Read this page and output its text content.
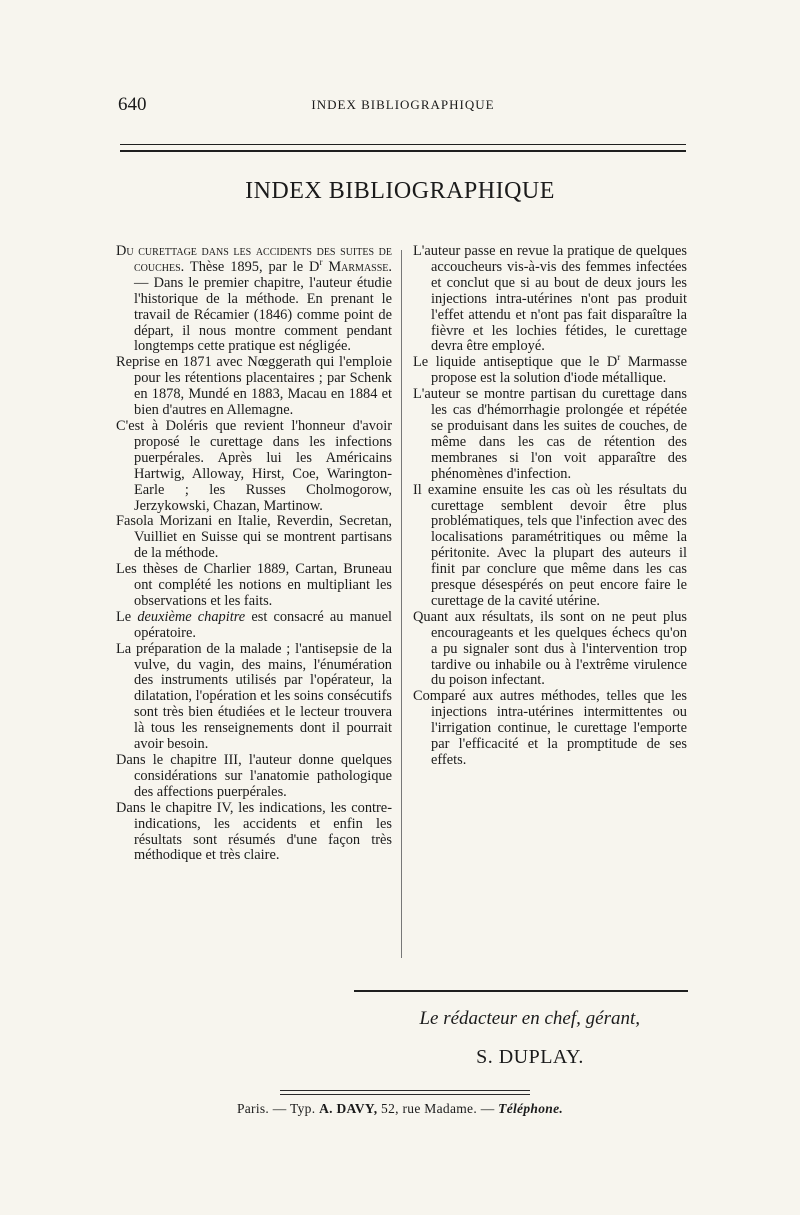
640	INDEX BIBLIOGRAPHIQUE
INDEX BIBLIOGRAPHIQUE

Du curettage dans les accidents des suites de couches. Thèse 1895, par le $D^r$ Marmasse. — Dans le premier chapitre, l'auteur étudie l'historique de la méthode. En prenant le travail de Récamier (1846) comme point de départ, il nous montre comment pendant longtemps cette pratique est négligée.

Reprise en 1871 avec Nœggerath qui l'emploie pour les rétentions placentaires ; par Schenk en 1878, Mundé en 1883, Macau en 1884 et bien d'autres en Allemagne.

C'est à Doléris que revient l'honneur d'avoir proposé le curettage dans les infections puerpérales. Après lui les Américains Hartwig, Alloway, Hirst, Coe, Warington-Earle ; les Russes Cholmogorow, Jerzykowski, Chazan, Martinow.

Fasola Morizani en Italie, Reverdin, Secretan, Vuilliet en Suisse qui se montrent partisans de la méthode.

Les thèses de Charlier 1889, Cartan, Bruneau ont complété les notions en multipliant les observations et les faits.

Le deuxième chapitre est consacré au manuel opératoire.

La préparation de la malade ; l'antisepsie de la vulve, du vagin, des mains, l'énumération des instruments utilisés par l'opérateur, la dilatation, l'opération et les soins consécutifs sont très bien étudiées et le lecteur trouvera là tous les renseignements dont il pourrait avoir besoin.

Dans le chapitre III, l'auteur donne quelques considérations sur l'anatomie pathologique des affections puerpérales.

Dans le chapitre IV, les indications, les contre-indications, les accidents et enfin les résultats sont résumés d'une façon très méthodique et très claire.

L'auteur passe en revue la pratique de quelques accoucheurs vis-à-vis des femmes infectées et conclut que si au bout de deux jours les injections intra-utérines n'ont pas produit l'effet attendu et n'ont pas fait disparaître la fièvre et les lochies fétides, le curettage devra être employé.

Le liquide antiseptique que le $D^r$ Marmasse propose est la solution d'iode métallique.

L'auteur se montre partisan du curettage dans les cas d'hémorrhagie prolongée et répétée se produisant dans les suites de couches, de même dans les cas de rétention des membranes si l'on voit apparaître des phénomènes d'infection.

Il examine ensuite les cas où les résultats du curettage semblent devoir être plus problématiques, tels que l'infection avec des localisations paramétritiques ou même la péritonite. Avec la plupart des auteurs il finit par conclure que même dans les cas presque désespérés on peut encore faire le curettage de la cavité utérine.

Quant aux résultats, ils sont on ne peut plus encourageants et les quelques échecs qu'on a pu signaler sont dus à l'intervention trop tardive ou inhabile ou à l'extrême virulence du poison infectant.

Comparé aux autres méthodes, telles que les injections intra-utérines intermittentes ou l'irrigation continue, le curettage l'emporte par l'efficacité et la promptitude de ses effets.

Le rédacteur en chef, gérant,
S. DUPLAY.
Paris. — Typ. A. DAVY, 52, rue Madame. — Téléphone.
